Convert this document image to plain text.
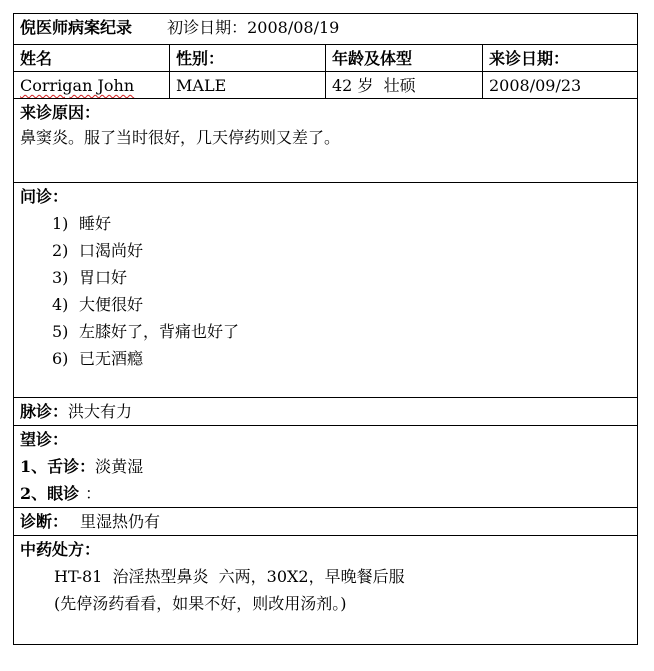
倪医师病案纪录 初诊日期：2008/08/19
姓名	性别：	年龄及体型	来诊日期：
Corrigan John	MALE	42 岁  壮硕	2008/09/23
来诊原因：
鼻窦炎。服了当时很好，几天停药则又差了。
问诊：
1) 睡好
2) 口渴尚好
3) 胃口好
4) 大便很好
5) 左膝好了，背痛也好了
6) 已无酒瘾
脉诊：洪大有力
望诊：
1、舌诊：淡黄湿
2、眼诊 ：
诊断： 里湿热仍有
中药处方：
HT-81  治淫热型鼻炎  六两，30X2，早晚餐后服
(先停汤药看看，如果不好，则改用汤剂。)
